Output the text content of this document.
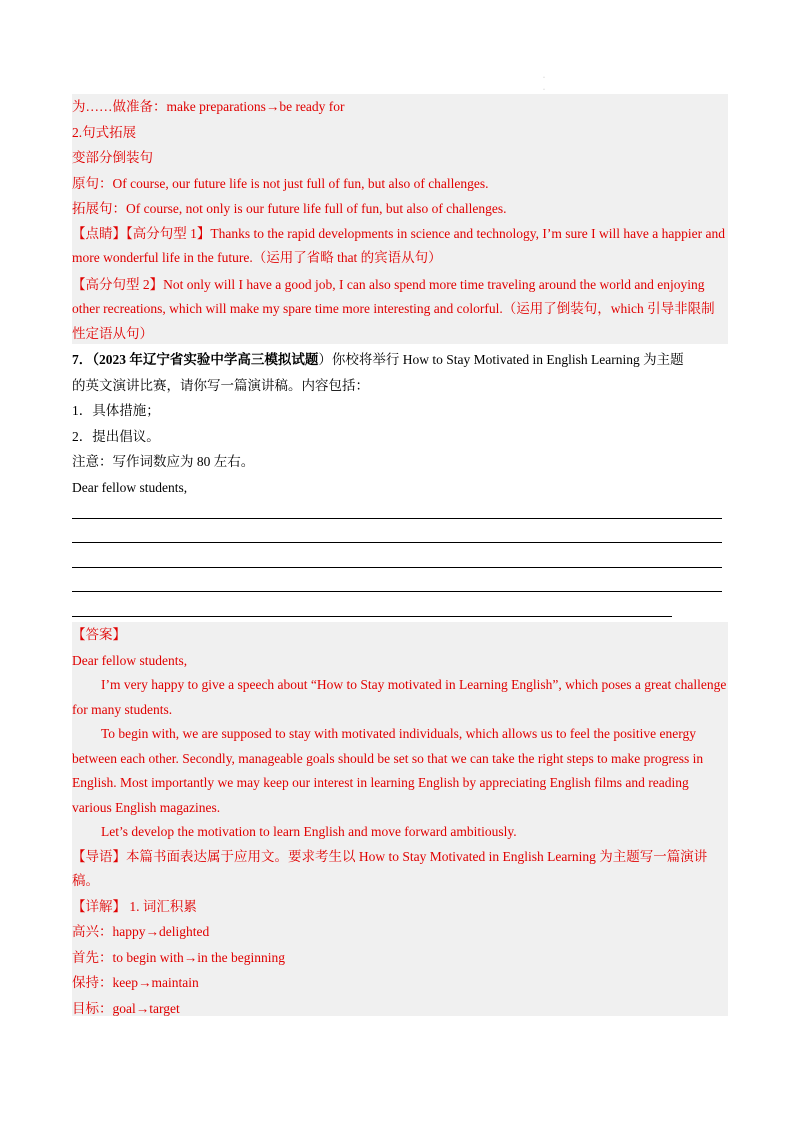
·
·
为……做准备：make preparations→be ready for
2.句式拓展
变部分倒装句
原句：Of course, our future life is not just full of fun, but also of challenges.
拓展句：Of course, not only is our future life full of fun, but also of challenges.
【点睛】【高分句型 1】Thanks to the rapid developments in science and technology, I’m sure I will have a happier and more wonderful life in the future.（运用了省略 that 的宾语从句）
【高分句型 2】Not only will I have a good job, I can also spend more time traveling around the world and enjoying other recreations, which will make my spare time more interesting and colorful.（运用了倒装句，which 引导非限制性定语从句）
7．（2023 年辽宁省实验中学高三模拟试题）你校将举行 How to Stay Motivated in English Learning 为主题
的英文演讲比赛，请你写一篇演讲稿。内容包括：
1．具体措施；
2．提出倡议。
注意：写作词数应为 80 左右。
Dear fellow students,
【答案】
Dear fellow students,
I’m very happy to give a speech about “How to Stay motivated in Learning English”, which poses a great challenge for many students.
To begin with, we are supposed to stay with motivated individuals, which allows us to feel the positive energy between each other. Secondly, manageable goals should be set so that we can take the right steps to make progress in English. Most importantly we may keep our interest in learning English by appreciating English films and reading various English magazines.
Let’s develop the motivation to learn English and move forward ambitiously.
【导语】本篇书面表达属于应用文。要求考生以 How to Stay Motivated in English Learning 为主题写一篇演讲稿。
【详解】 1. 词汇积累
高兴：happy→delighted
首先：to begin with→in the beginning
保持：keep→maintain
目标：goal→target
